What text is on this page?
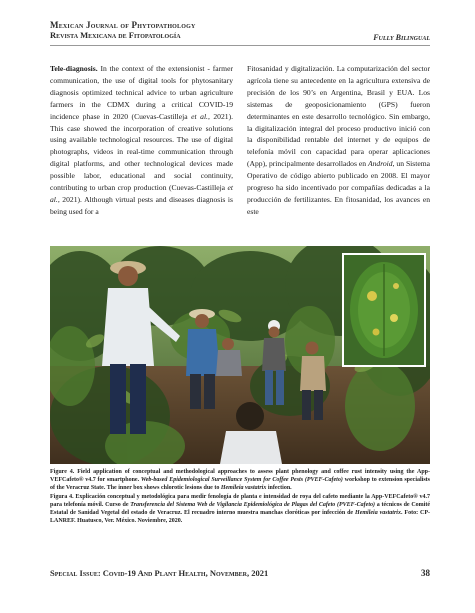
Mexican Journal of Phytopathology
Revista Mexicana de Fitopatología	Fully Bilingual
Tele-diagnosis. In the context of the extensionist - farmer communication, the use of digital tools for phytosanitary diagnosis optimized technical advice to urban agriculture farmers in the CDMX during a critical COVID-19 incidence phase in 2020 (Cuevas-Castilleja et al., 2021). This case showed the incorporation of creative solutions using available technological resources. The use of digital photographs, videos in real-time communication through digital platforms, and other technological devices made possible labor, educational and social continuity, contributing to urban crop production (Cuevas-Castilleja et al., 2021). Although virtual pests and diseases diagnosis is being used for a
Fitosanidad y digitalización. La computarización del sector agrícola tiene su antecedente en la agricultura extensiva de precisión de los 90’s en Argentina, Brasil y EUA. Los sistemas de geoposicionamiento (GPS) fueron determinantes en este desarrollo tecnológico. Sin embargo, la digitalización integral del proceso productivo inició con la disponibilidad rentable del internet y de equipos de telefonía móvil con capacidad para operar aplicaciones (App), principalmente desarrollados en Android, un Sistema Operativo de código abierto publicado en 2008. El mayor progreso ha sido incentivado por compañías dedicadas a la producción de fertilizantes. En fitosanidad, los avances en este

Figure 4. Field application of conceptual and methodological approaches to assess plant phenology and coffee rust intensity using the App-VEFCafeto® v4.7 for smartphone. Web-based Epidemiological Surveillance System for Coffee Pests (PVEF-Cafeto) workshop to extension specialists of the Veracruz State. The inner box shows chlorotic lesions due to Hemileia vastatrix infection.

Figura 4. Explicación conceptual y metodológica para medir fenología de planta e intensidad de roya del cafeto mediante la App-VEFCafeto® v4.7 para telefonía móvil. Curso de Transferencia del Sistema Web de Vigilancia Epidemiológica de Plagas del Cafeto (PVEF-Cafeto) a técnicos de Comité Estatal de Sanidad Vegetal del estado de Veracruz. El recuadro interno muestra manchas cloróticas por infección de Hemileia vastatrix. Foto: CP-LANREF. Huatusco, Ver. México. Noviembre, 2020.

Special Issue: Covid-19 And Plant Health, November, 2021	38
